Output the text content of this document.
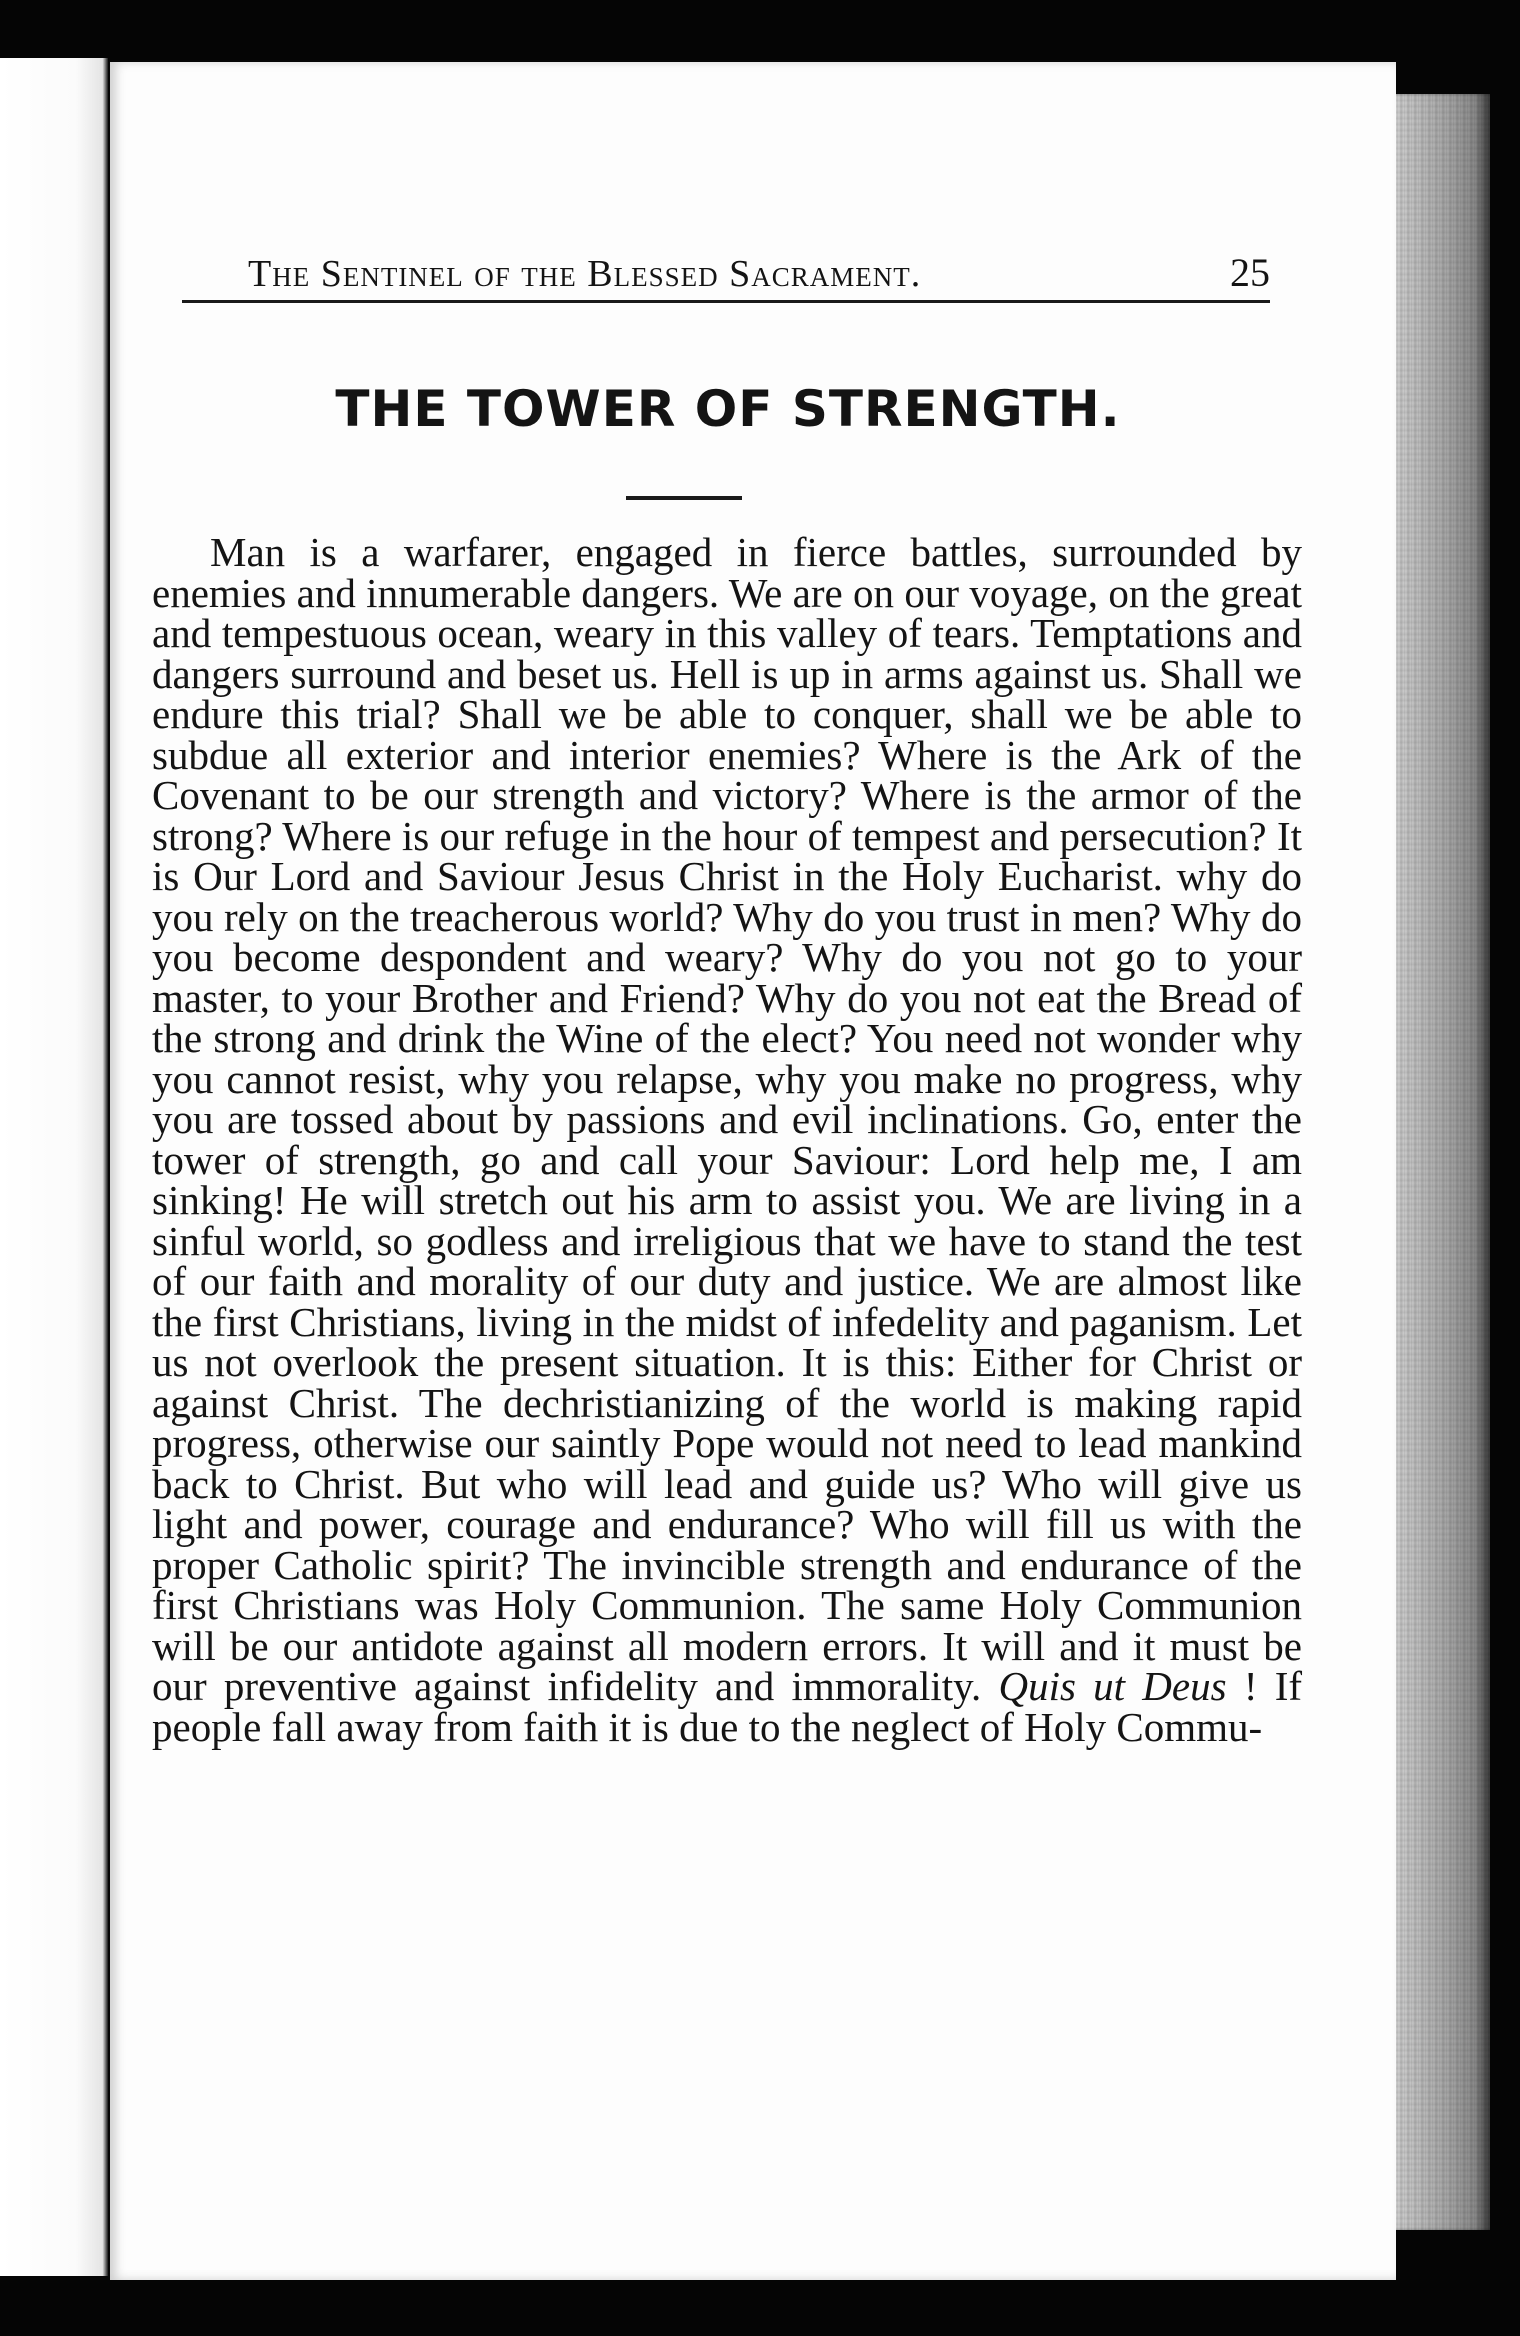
The Sentinel of the Blessed Sacrament.	25
THE TOWER OF STRENGTH.

Man is a warfarer, engaged in fierce battles, surrounded by enemies and innumerable dangers. We are on our voyage, on the great and tempestuous ocean, weary in this valley of tears. Temptations and dangers surround and beset us. Hell is up in arms against us. Shall we endure this trial? Shall we be able to conquer, shall we be able to subdue all exterior and interior enemies? Where is the Ark of the Covenant to be our strength and victory? Where is the armor of the strong? Where is our refuge in the hour of tempest and persecution? It is Our Lord and Saviour Jesus Christ in the Holy Eucharist. why do you rely on the treacherous world? Why do you trust in men? Why do you become despondent and weary? Why do you not go to your master, to your Brother and Friend? Why do you not eat the Bread of the strong and drink the Wine of the elect? You need not wonder why you cannot resist, why you relapse, why you make no progress, why you are tossed about by passions and evil inclinations. Go, enter the tower of strength, go and call your Saviour: Lord help me, I am sinking! He will stretch out his arm to assist you. We are living in a sinful world, so godless and irreligious that we have to stand the test of our faith and morality of our duty and justice. We are almost like the first Christians, living in the midst of infedelity and paganism. Let us not overlook the present situation. It is this: Either for Christ or against Christ. The dechristianizing of the world is making rapid progress, otherwise our saintly Pope would not need to lead mankind back to Christ. But who will lead and guide us? Who will give us light and power, courage and endurance? Who will fill us with the proper Catholic spirit? The invincible strength and endurance of the first Christians was Holy Communion. The same Holy Communion will be our antidote against all modern errors. It will and it must be our preventive against infidelity and immorality. Quis ut Deus ! If people fall away from faith it is due to the neglect of Holy Commu-
